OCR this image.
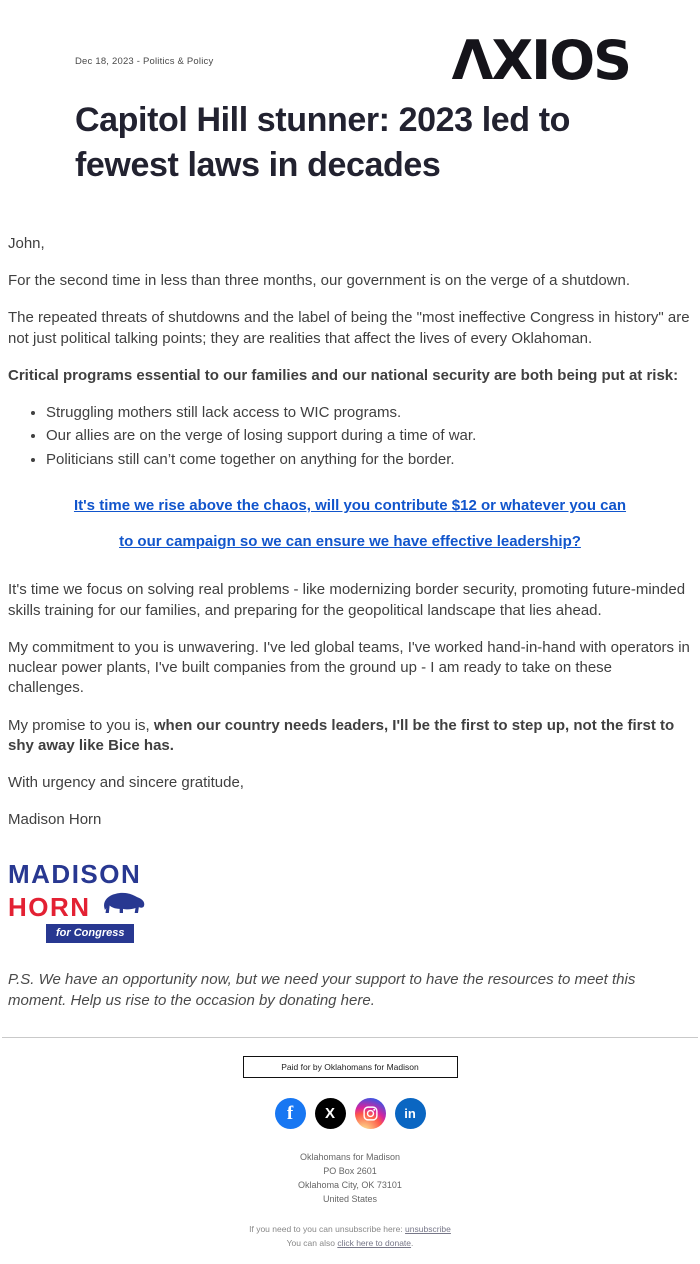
Dec 18, 2023 - Politics & Policy	ΛXIOS
Capitol Hill stunner: 2023 led to fewest laws in decades

John,

For the second time in less than three months, our government is on the verge of a shutdown.

The repeated threats of shutdowns and the label of being the "most ineffective Congress in history" are not just political talking points; they are realities that affect the lives of every Oklahoman.

Critical programs essential to our families and our national security are both being put at risk:

• Struggling mothers still lack access to WIC programs.
• Our allies are on the verge of losing support during a time of war.
• Politicians still can’t come together on anything for the border.
It's time we rise above the chaos, will you contribute $12 or whatever you can
to our campaign so we can ensure we have effective leadership?

It's time we focus on solving real problems - like modernizing border security, promoting future-minded skills training for our families, and preparing for the geopolitical landscape that lies ahead.

My commitment to you is unwavering. I've led global teams, I've worked hand-in-hand with operators in nuclear power plants, I've built companies from the ground up - I am ready to take on these challenges.

My promise to you is, when our country needs leaders, I'll be the first to step up, not the first to shy away like Bice has.

With urgency and sincere gratitude,

Madison Horn

MADISON
HORN
for Congress

P.S. We have an opportunity now, but we need your support to have the resources to meet this moment. Help us rise to the occasion by donating here.

Paid for by Oklahomans for Madison
f	X	in
Oklahomans for Madison
PO Box 2601
Oklahoma City, OK 73101
United States
If you need to you can unsubscribe here: unsubscribe
You can also click here to donate.
